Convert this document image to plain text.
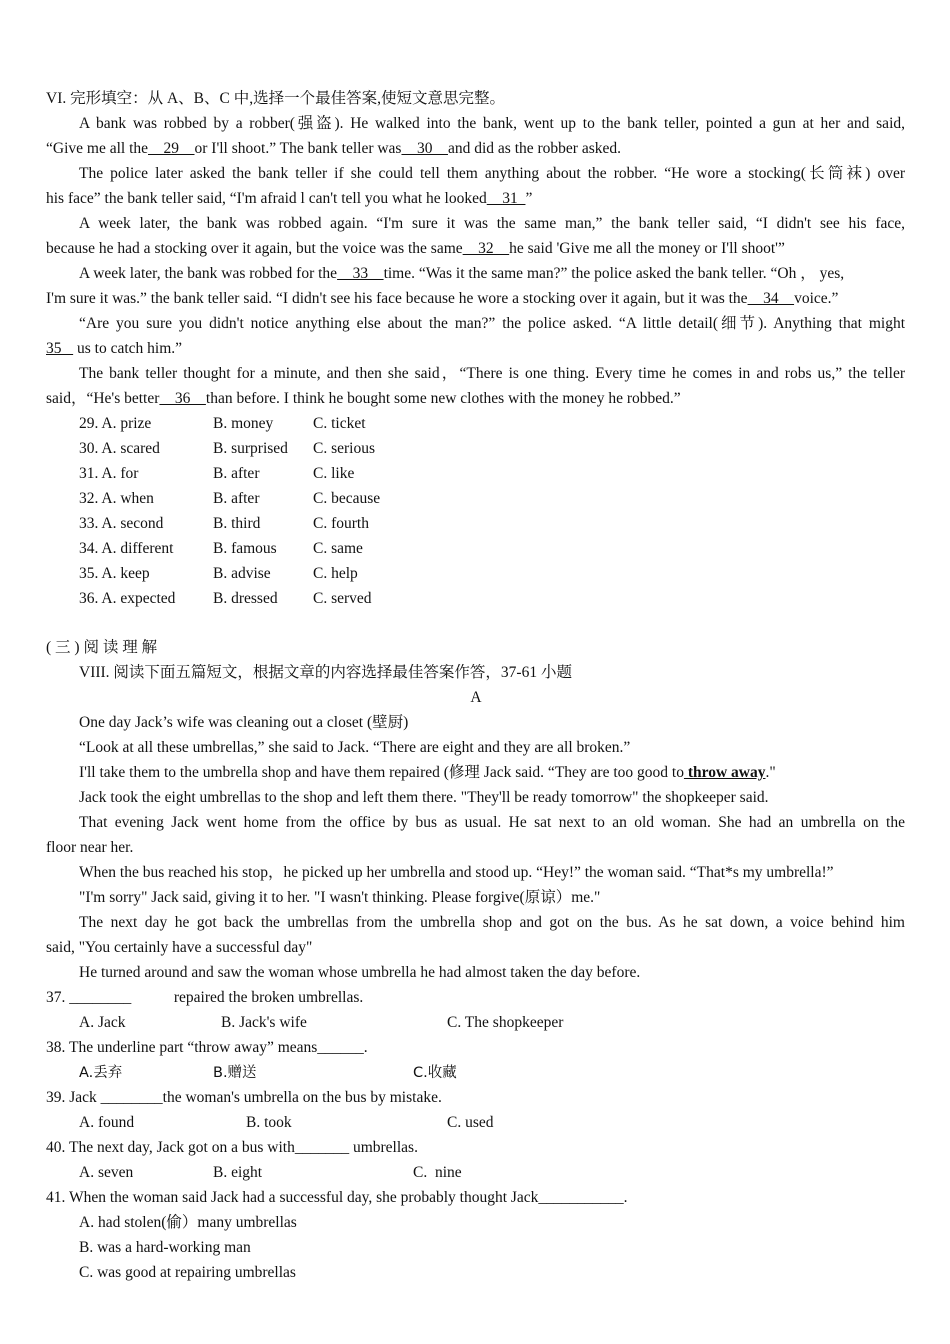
VI. 完形填空：从 A、B、C 中,选择一个最佳答案,使短文意思完整。
A bank was robbed by a robber(强盗). He walked into the bank, went up to the bank teller, pointed a gun at her and said,
“Give me all the    29    or I'll shoot.” The bank teller was    30    and did as the robber asked.
The police later asked the bank teller if she could tell them anything about the robber. “He wore a stocking(长筒袜) over
his face” the bank teller said, “I'm afraid l can't tell you what he looked    31  ”
A week later, the bank was robbed again. “I'm sure it was the same man,” the bank teller said, “I didn't see his face,
because he had a stocking over it again, but the voice was the same    32    he said 'Give me all the money or I'll shoot'”
A week later, the bank was robbed for the    33    time. “Was it the same man?” the police asked the bank teller. “Oh ， yes,
I'm sure it was.” the bank teller said. “I didn't see his face because he wore a stocking over it again, but it was the    34    voice.”
“Are you sure you didn't notice anything else about the man?” the police asked. “A little detail(细节). Anything that might
35    us to catch him.”
The bank teller thought for a minute, and then she said，“There is one thing. Every time he comes in and robs us,” the teller
said，“He's better    36    than before. I think he bought some new clothes with the money he robbed.”
29. A. prize	B. money	C. ticket
30. A. scared	B. surprised C. serious
31. A. for	B. after	C. like
32. A. when	B. after	C. because
33. A. second	B. third	C. fourth
34. A. different	B. famous C. same
35. A. keep	B. advise	C. help
36. A. expected B. dressed C. served
( 三 ) 阅 读 理 解
VIII. 阅读下面五篇短文，根据文章的内容选择最佳答案作答，37-61 小题
A
One day Jack’s wife was cleaning out a closet (壁厨)
“Look at all these umbrellas,” she said to Jack. “There are eight and they are all broken.”
I'll take them to the umbrella shop and have them repaired (修理 Jack said. “They are too good to throw away."
Jack took the eight umbrellas to the shop and left them there. "They'll be ready tomorrow" the shopkeeper said.
That evening Jack went home from the office by bus as usual. He sat next to an old woman. She had an umbrella on the
floor near her.
When the bus reached his stop，he picked up her umbrella and stood up. “Hey!” the woman said. “That*s my umbrella!”
"I'm sorry" Jack said, giving it to her. "I wasn't thinking. Please forgive(原谅）me."
The next day he got back the umbrellas from the umbrella shop and got on the bus. As he sat down, a voice behind him
said, "You certainly have a successful day"
He turned around and saw the woman whose umbrella he had almost taken the day before.
37. ________           repaired the broken umbrellas.
A. Jack	B. Jack's wife	C. The shopkeeper
38. The underline part “throw away” means______.
A.丢弃	B.赠送	C.收藏
39. Jack ________the woman's umbrella on the bus by mistake.
A. found	B. took	C. used
40. The next day, Jack got on a bus with_______ umbrellas.
A. seven	B. eight	C.  nine
41. When the woman said Jack had a successful day, she probably thought Jack___________.
A. had stolen(偷）many umbrellas
B. was a hard-working man
C. was good at repairing umbrellas
